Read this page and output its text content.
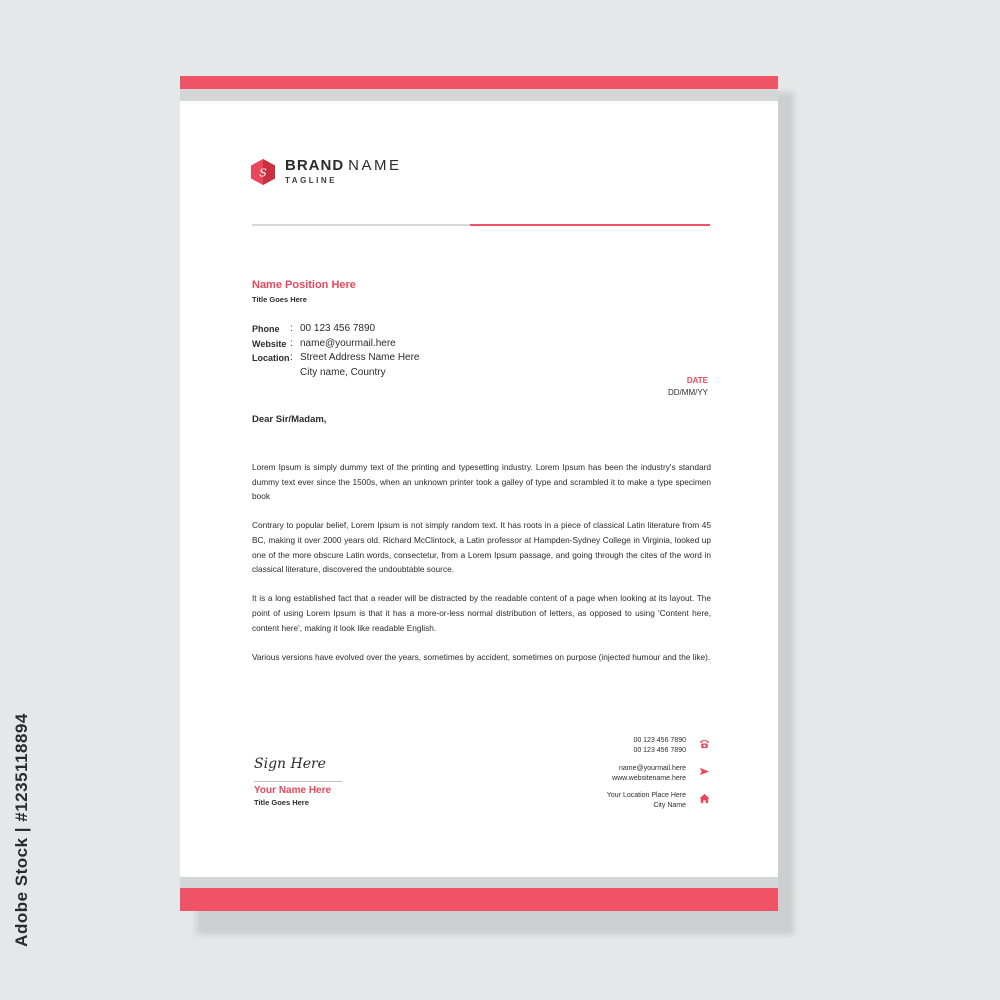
Adobe Stock | #1235118894
S BRAND NAME
TAGLINE
Name Position Here
Title Goes Here
Phone	: 00 123 456 7890
Website : name@yourmail.here
Location : Street Address Name Here
City name, Country
DATE
DD/MM/YY
Dear Sir/Madam,

Lorem Ipsum is simply dummy text of the printing and typesetting industry. Lorem Ipsum has been the industry's standard dummy text ever since the 1500s, when an unknown printer took a galley of type and scrambled it to make a type specimen book

Contrary to popular belief, Lorem Ipsum is not simply random text. It has roots in a piece of classical Latin literature from 45 BC, making it over 2000 years old. Richard McClintock, a Latin professor at Hampden-Sydney College in Virginia, looked up one of the more obscure Latin words, consectetur, from a Lorem Ipsum passage, and going through the cites of the word in classical literature, discovered the undoubtable source.

It is a long established fact that a reader will be distracted by the readable content of a page when looking at its layout. The point of using Lorem Ipsum is that it has a more-or-less normal distribution of letters, as opposed to using 'Content here, content here', making it look like readable English.

Various versions have evolved over the years, sometimes by accident, sometimes on purpose (injected humour and the like).

Sign Here
Your Name Here
Title Goes Here
00 123 456 7890
00 123 456 7890
name@yourmail.here
www.websitename.here
Your Location Place Here
City Name
